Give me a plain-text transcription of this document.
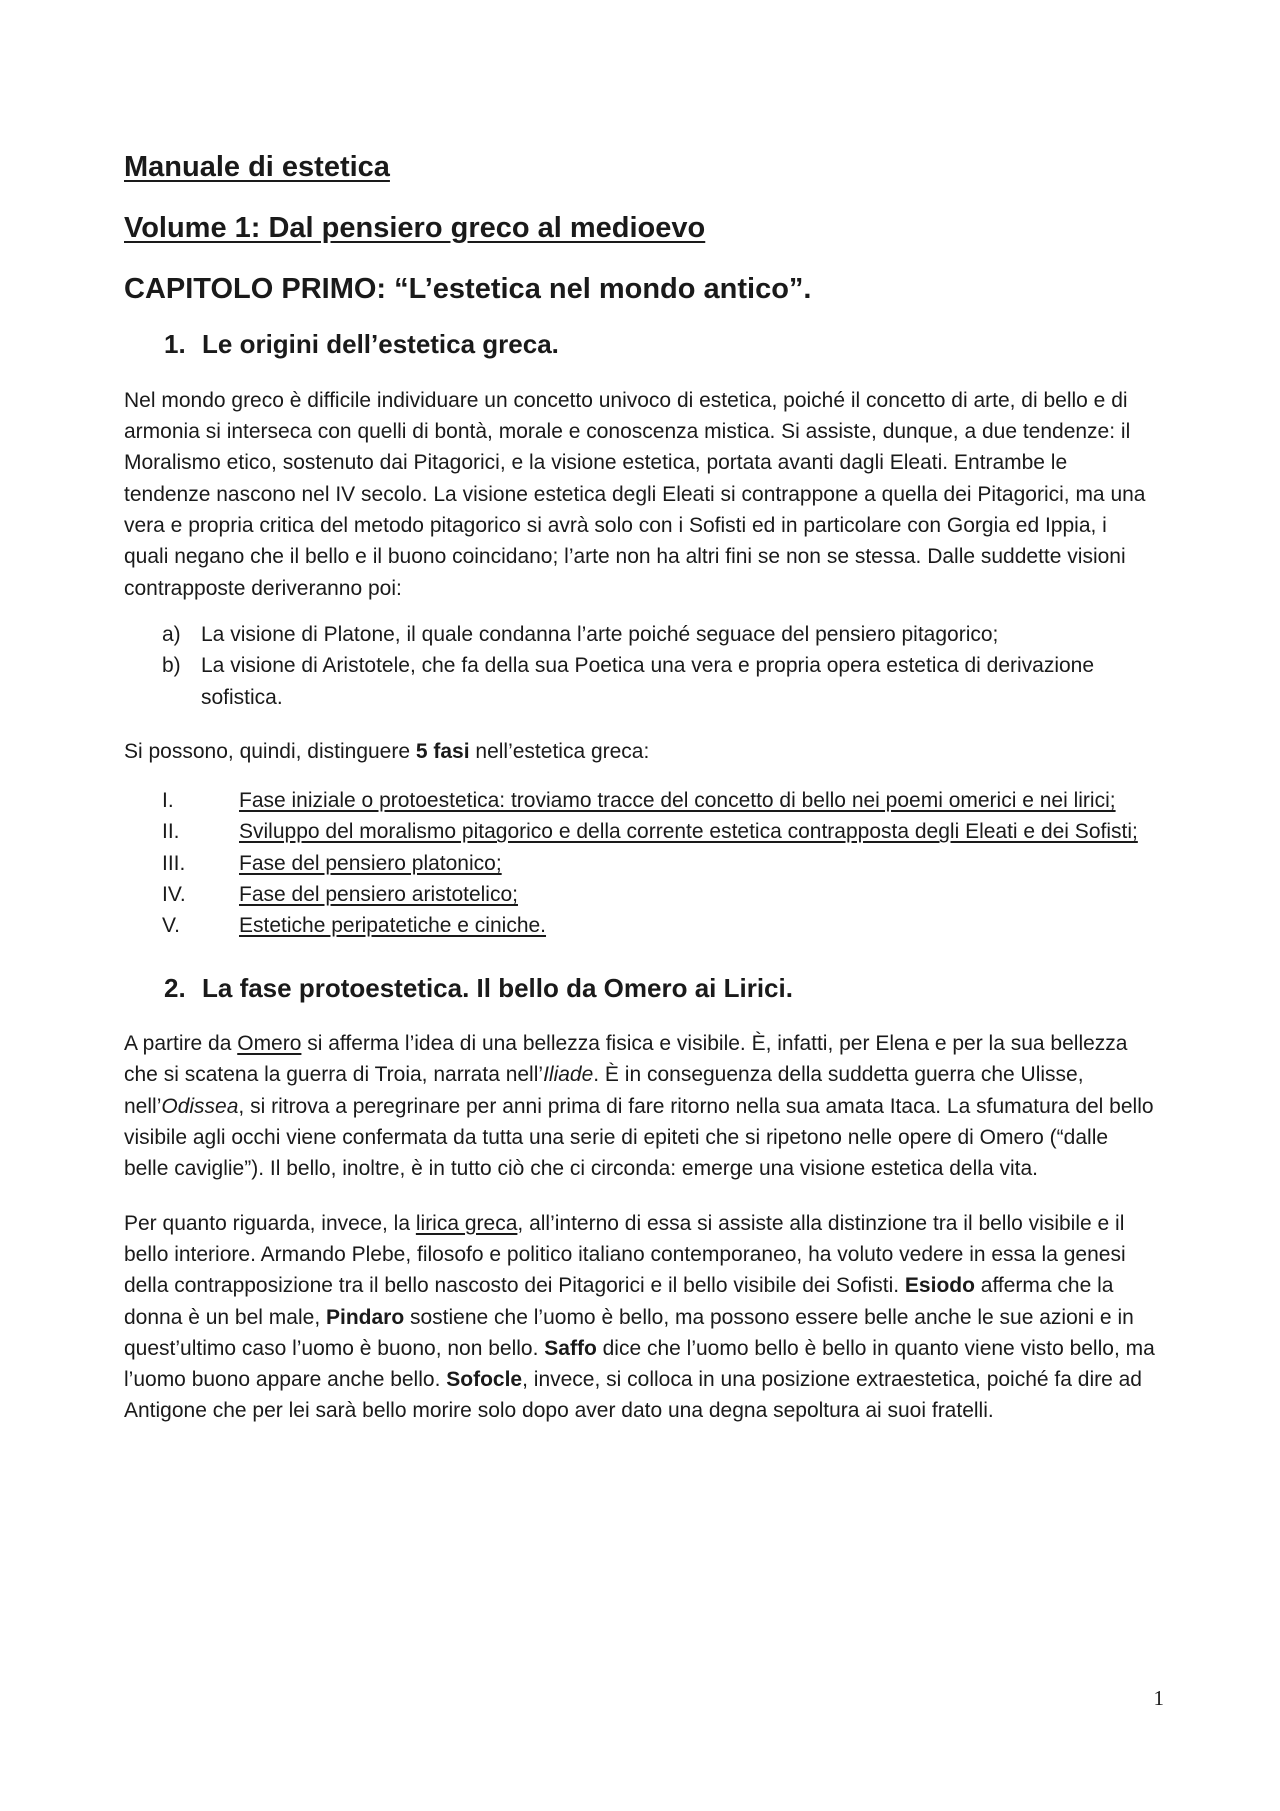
Manuale di estetica
Volume 1: Dal pensiero greco al medioevo
CAPITOLO PRIMO: “L’estetica nel mondo antico”.
1. Le origini dell’estetica greca.

Nel mondo greco è difficile individuare un concetto univoco di estetica, poiché il concetto di arte, di bello e di armonia si interseca con quelli di bontà, morale e conoscenza mistica. Si assiste, dunque, a due tendenze: il Moralismo etico, sostenuto dai Pitagorici, e la visione estetica, portata avanti dagli Eleati. Entrambe le tendenze nascono nel IV secolo. La visione estetica degli Eleati si contrappone a quella dei Pitagorici, ma una vera e propria critica del metodo pitagorico si avrà solo con i Sofisti ed in particolare con Gorgia ed Ippia, i quali negano che il bello e il buono coincidano; l’arte non ha altri fini se non se stessa. Dalle suddette visioni contrapposte deriveranno poi:

a) La visione di Platone, il quale condanna l’arte poiché seguace del pensiero pitagorico;
b) La visione di Aristotele, che fa della sua Poetica una vera e propria opera estetica di derivazione sofistica.

Si possono, quindi, distinguere 5 fasi nell’estetica greca:

I.	Fase iniziale o protoestetica: troviamo tracce del concetto di bello nei poemi omerici e nei lirici;
II.	Sviluppo del moralismo pitagorico e della corrente estetica contrapposta degli Eleati e dei Sofisti;
III.	Fase del pensiero platonico;
IV.	Fase del pensiero aristotelico;
V.	Estetiche peripatetiche e ciniche.
2. La fase protoestetica. Il bello da Omero ai Lirici.

A partire da Omero si afferma l’idea di una bellezza fisica e visibile. È, infatti, per Elena e per la sua bellezza che si scatena la guerra di Troia, narrata nell’Iliade. È in conseguenza della suddetta guerra che Ulisse, nell’Odissea, si ritrova a peregrinare per anni prima di fare ritorno nella sua amata Itaca. La sfumatura del bello visibile agli occhi viene confermata da tutta una serie di epiteti che si ripetono nelle opere di Omero (“dalle belle caviglie”). Il bello, inoltre, è in tutto ciò che ci circonda: emerge una visione estetica della vita.

Per quanto riguarda, invece, la lirica greca, all’interno di essa si assiste alla distinzione tra il bello visibile e il bello interiore. Armando Plebe, filosofo e politico italiano contemporaneo, ha voluto vedere in essa la genesi della contrapposizione tra il bello nascosto dei Pitagorici e il bello visibile dei Sofisti. Esiodo afferma che la donna è un bel male, Pindaro sostiene che l’uomo è bello, ma possono essere belle anche le sue azioni e in quest’ultimo caso l’uomo è buono, non bello. Saffo dice che l’uomo bello è bello in quanto viene visto bello, ma l’uomo buono appare anche bello. Sofocle, invece, si colloca in una posizione extraestetica, poiché fa dire ad Antigone che per lei sarà bello morire solo dopo aver dato una degna sepoltura ai suoi fratelli.

1
